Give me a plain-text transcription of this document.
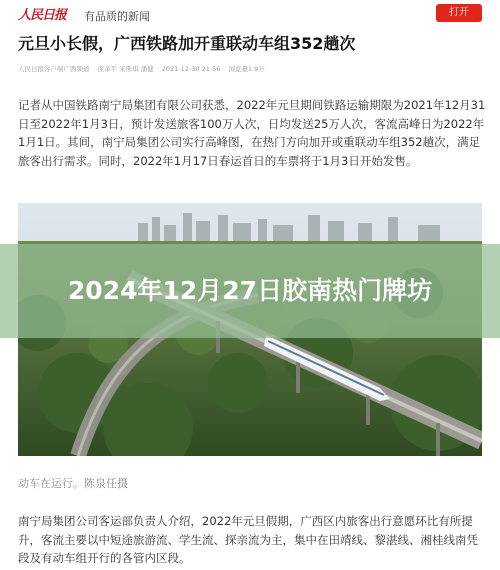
人民日报 有品质的新闻	打开
元旦小长假，广西铁路加开重联动车组352趟次
人民日报客户端广西频道 庞革平 宋斯琪 潘健 2021-12-30 21:56 浏览量1.9万
记者从中国铁路南宁局集团有限公司获悉，2022年元旦期间铁路运输期限为2021年12月31日至2022年1月3日，预计发送旅客100万人次，日均发送25万人次，客流高峰日为2022年1月1日。其间，南宁局集团公司实行高峰图，在热门方向加开或重联动车组352趟次，满足旅客出行需求。同时，2022年1月17日春运首日的车票将于1月3日开始发售。
2024年12月27日胶南热门牌坊
动车在运行。陈泉任摄
南宁局集团公司客运部负责人介绍，2022年元旦假期，广西区内旅客出行意愿环比有所提升，客流主要以中短途旅游流、学生流、探亲流为主，集中在田靖线、黎湛线、湘桂线南凭段及有动车组开行的各管内区段。
